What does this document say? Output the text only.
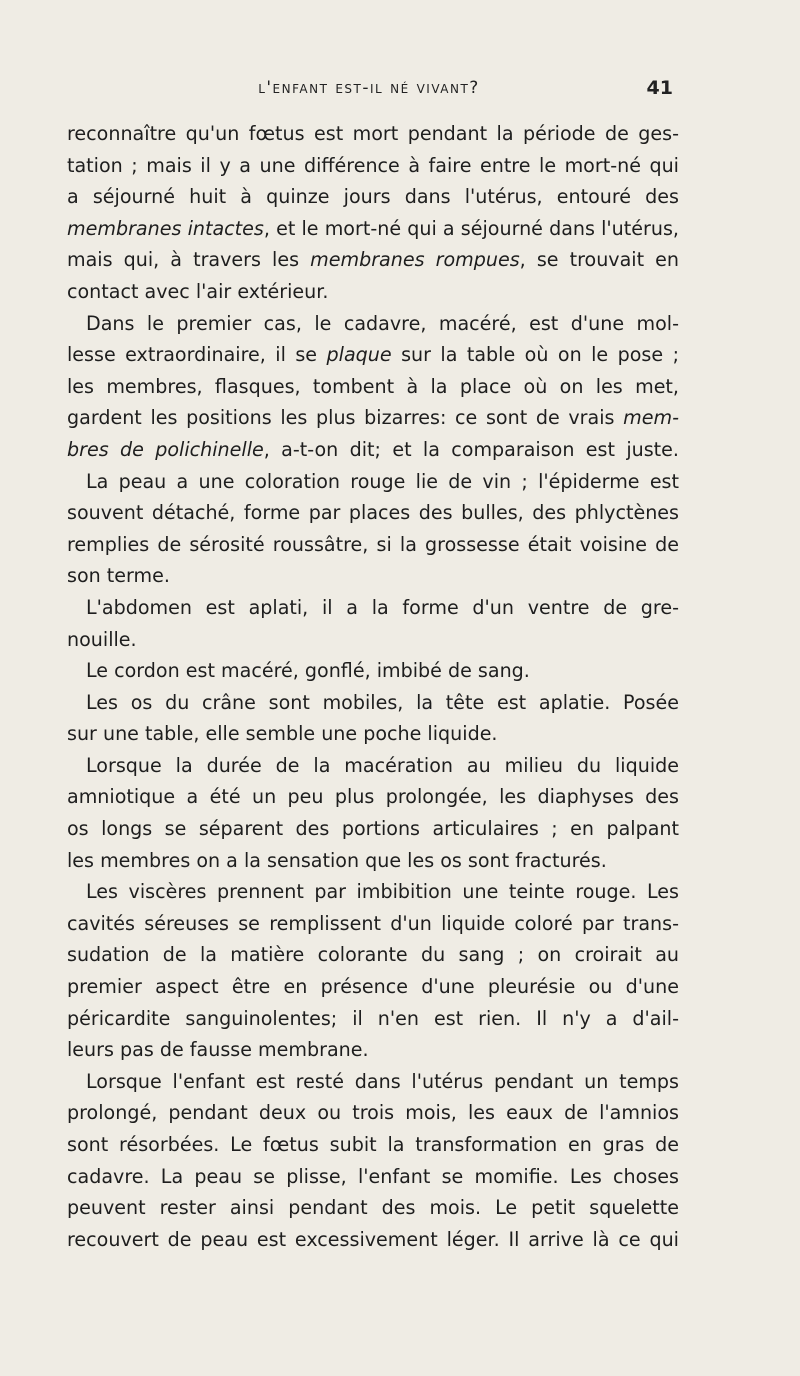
l'enfant est-il né vivant?	41
reconnaître qu'un fœtus est mort pendant la période de ges-
tation ; mais il y a une différence à faire entre le mort-né qui
a séjourné huit à quinze jours dans l'utérus, entouré des
membranes intactes, et le mort-né qui a séjourné dans l'utérus,
mais qui, à travers les membranes rompues, se trouvait en
contact avec l'air extérieur.
Dans le premier cas, le cadavre, macéré, est d'une mol-
lesse extraordinaire, il se plaque sur la table où on le pose ;
les membres, flasques, tombent à la place où on les met,
gardent les positions les plus bizarres: ce sont de vrais mem-
bres de polichinelle, a-t-on dit; et la comparaison est juste.
La peau a une coloration rouge lie de vin ; l'épiderme est
souvent détaché, forme par places des bulles, des phlyctènes
remplies de sérosité roussâtre, si la grossesse était voisine de
son terme.
L'abdomen est aplati, il a la forme d'un ventre de gre-
nouille.
Le cordon est macéré, gonflé, imbibé de sang.
Les os du crâne sont mobiles, la tête est aplatie. Posée
sur une table, elle semble une poche liquide.
Lorsque la durée de la macération au milieu du liquide
amniotique a été un peu plus prolongée, les diaphyses des
os longs se séparent des portions articulaires ; en palpant
les membres on a la sensation que les os sont fracturés.
Les viscères prennent par imbibition une teinte rouge. Les
cavités séreuses se remplissent d'un liquide coloré par trans-
sudation de la matière colorante du sang ; on croirait au
premier aspect être en présence d'une pleurésie ou d'une
péricardite sanguinolentes; il n'en est rien. Il n'y a d'ail-
leurs pas de fausse membrane.
Lorsque l'enfant est resté dans l'utérus pendant un temps
prolongé, pendant deux ou trois mois, les eaux de l'amnios
sont résorbées. Le fœtus subit la transformation en gras de
cadavre. La peau se plisse, l'enfant se momifie. Les choses
peuvent rester ainsi pendant des mois. Le petit squelette
recouvert de peau est excessivement léger. Il arrive là ce qui
